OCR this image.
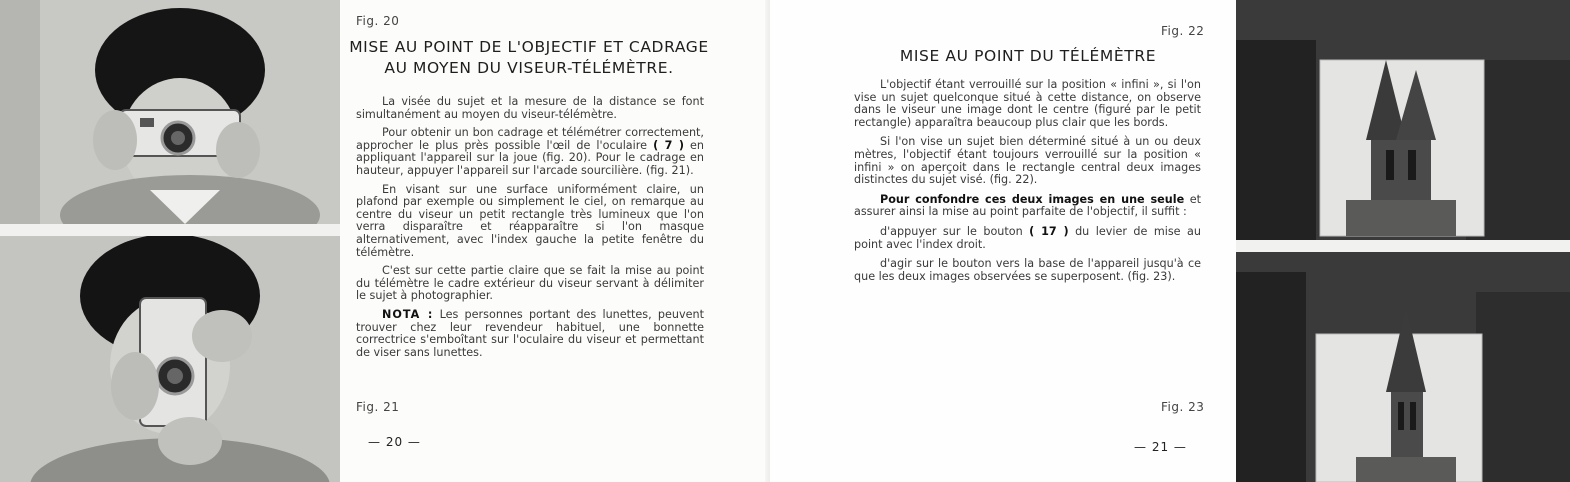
Fig. 20
MISE AU POINT DE L'OBJECTIF ET CADRAGE
AU MOYEN DU VISEUR-TÉLÉMÈTRE.

La visée du sujet et la mesure de la distance se font simultanément au moyen du viseur-télémètre.

Pour obtenir un bon cadrage et télémétrer correctement, approcher le plus près possible l'œil de l'oculaire ( 7 ) en appliquant l'appareil sur la joue (fig. 20). Pour le cadrage en hauteur, appuyer l'appareil sur l'arcade sourcilière. (fig. 21).

En visant sur une surface uniformément claire, un plafond par exemple ou simplement le ciel, on remarque au centre du viseur un petit rectangle très lumineux que l'on verra disparaître et réapparaître si l'on masque alternativement, avec l'index gauche la petite fenêtre du télémètre.

C'est sur cette partie claire que se fait la mise au point du télémètre le cadre extérieur du viseur servant à délimiter le sujet à photographier.

NOTA : Les personnes portant des lunettes, peuvent trouver chez leur revendeur habituel, une bonnette correctrice s'emboîtant sur l'oculaire du viseur et permettant de viser sans lunettes.

Fig. 21
— 20 —
Fig. 22
MISE AU POINT DU TÉLÉMÈTRE

L'objectif étant verrouillé sur la position « infini », si l'on vise un sujet quelconque situé à cette distance, on observe dans le viseur une image dont le centre (figuré par le petit rectangle) apparaîtra beaucoup plus clair que les bords.

Si l'on vise un sujet bien déterminé situé à un ou deux mètres, l'objectif étant toujours verrouillé sur la position « infini » on aperçoit dans le rectangle central deux images distinctes du sujet visé. (fig. 22).

Pour confondre ces deux images en une seule et assurer ainsi la mise au point parfaite de l'objectif, il suffit :

d'appuyer sur le bouton ( 17 ) du levier de mise au point avec l'index droit.

d'agir sur le bouton vers la base de l'appareil jusqu'à ce que les deux images observées se superposent. (fig. 23).

Fig. 23
— 21 —
